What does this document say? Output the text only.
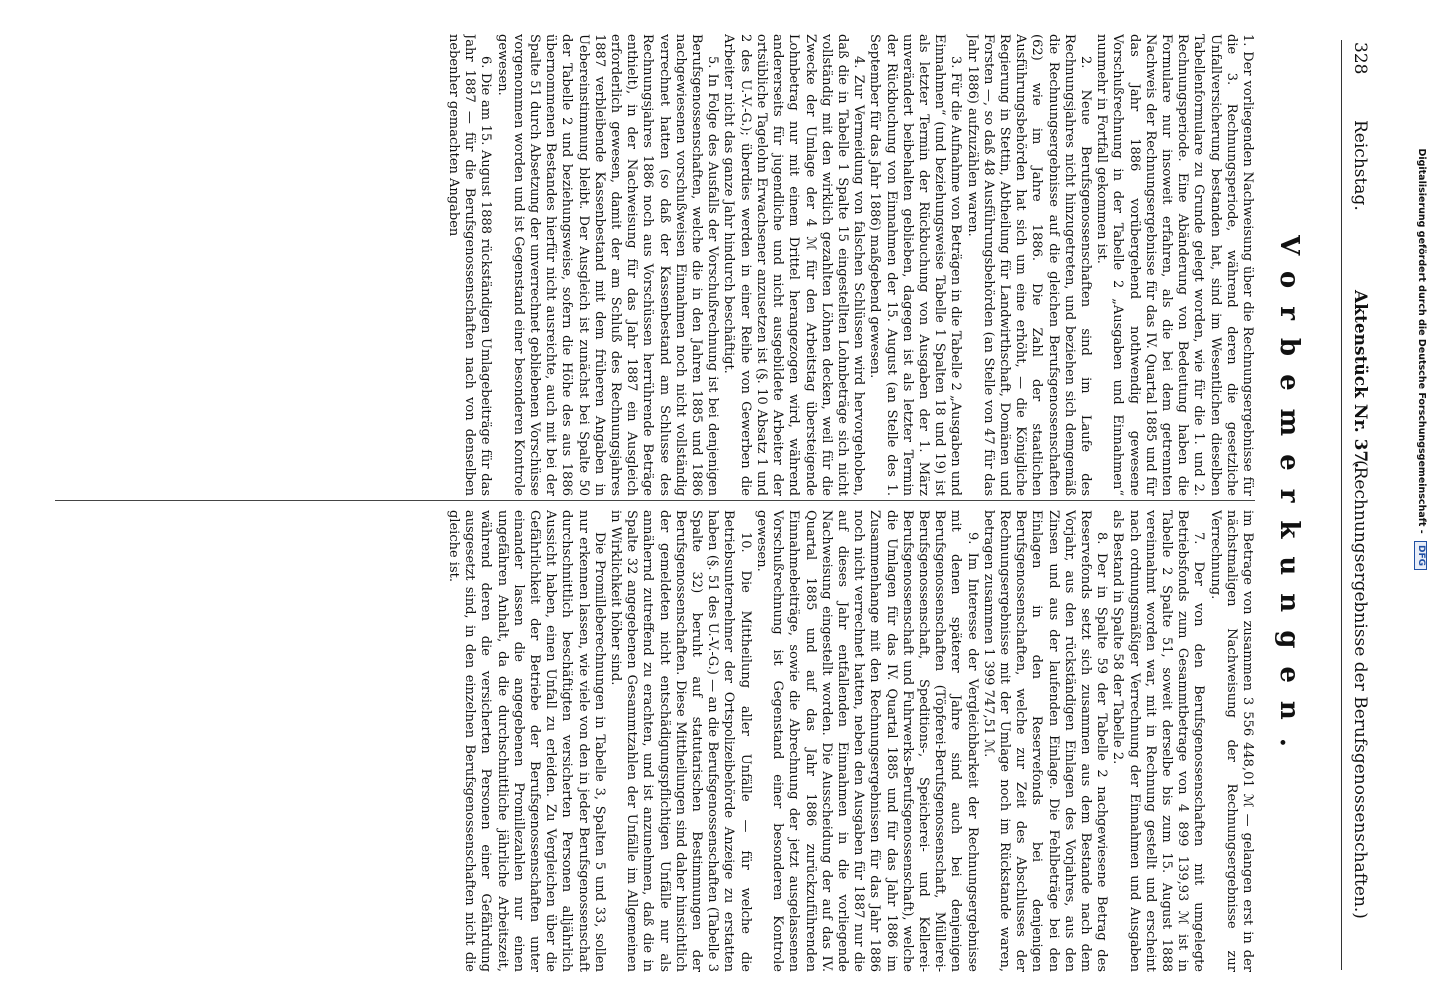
328
Reichstag.
Aktenstück Nr. 37.
(Rechnungsergebnisse der Berufsgenossenschaften.)
Vorbemerkungen.

1. Der vorliegenden Nachweisung über die Rechnungsergebnisse für die 3. Rechnungsperiode, während deren die gesetzliche Unfallversicherung bestanden hat, sind im Wesentlichen dieselben Tabellenformulare zu Grunde gelegt worden, wie für die 1. und 2. Rechnungsperiode. Eine Abänderung von Bedeutung haben die Formulare nur insoweit erfahren, als die bei dem getrennten Nachweis der Rechnungsergebnisse für das IV. Quartal 1885 und für das Jahr 1886 vorübergehend nothwendig gewesene Vorschußrechnung in der Tabelle 2 „Ausgaben und Einnahmen“ nunmehr in Fortfall gekommen ist.

2. Neue Berufsgenossenschaften sind im Laufe des Rechnungsjahres nicht hinzugetreten, und beziehen sich demgemäß die Rechnungsergebnisse auf die gleichen Berufsgenossenschaften (62) wie im Jahre 1886. Die Zahl der staatlichen Ausführungsbehörden hat sich um eine erhöht, — die Königliche Regierung in Stettin, Abtheilung für Landwirthschaft, Domänen und Forsten —, so daß 48 Ausführungsbehörden (an Stelle von 47 für das Jahr 1886) aufzuzählen waren.

3. Für die Aufnahme von Beträgen in die Tabelle 2 „Ausgaben und Einnahmen“ (und beziehungsweise Tabelle 1 Spalten 18 und 19) ist als letzter Termin der Rückbuchung von Ausgaben der 1. März unverändert beibehalten geblieben, dagegen ist als letzter Termin der Rückbuchung von Einnahmen der 15. August (an Stelle des 1. September für das Jahr 1886) maßgebend gewesen.

4. Zur Vermeidung von falschen Schlüssen wird hervorgehoben, daß die in Tabelle 1 Spalte 15 eingestellten Lohnbeträge sich nicht vollständig mit den wirklich gezahlten Löhnen decken, weil für die Zwecke der Umlage der 4 ℳ für den Arbeitstag übersteigende Lohnbetrag nur mit einem Drittel herangezogen wird, während andererseits für jugendliche und nicht ausgebildete Arbeiter der ortsübliche Tagelohn Erwachsener anzusetzen ist (§. 10 Absatz 1 und 2 des U.-V.-G.); überdies werden in einer Reihe von Gewerben die Arbeiter nicht das ganze Jahr hindurch beschäftigt.

5. In Folge des Ausfalls der Vorschußrechnung ist bei denjenigen Berufsgenossenschaften, welche die in den Jahren 1885 und 1886 nachgewiesenen vorschußweisen Einnahmen noch nicht vollständig verrechnet hatten (so daß der Kassenbestand am Schlusse des Rechnungsjahres 1886 noch aus Vorschüssen herrührende Beträge enthielt), in der Nachweisung für das Jahr 1887 ein Ausgleich erforderlich gewesen, damit der am Schluß des Rechnungsjahres 1887 verbleibende Kassenbestand mit dem früheren Angaben in Uebereinstimmung bleibt. Der Ausgleich ist zunächst bei Spalte 50 der Tabelle 2 und beziehungsweise, sofern die Höhe des aus 1886 übernommenen Bestandes hierfür nicht ausreichte, auch mit bei der Spalte 51 durch Absetzung der unverrechnet gebliebenen Vorschüsse vorgenommen worden und ist Gegenstand einer besonderen Kontrole gewesen.

6. Die am 15. August 1888 rückständigen Umlagebeiträge für das Jahr 1887 — für die Berufsgenossenschaften nach von denselben nebenher gemachten Angaben

im Betrage von zusammen 3 556 448,01 ℳ — gelangen erst in der nächstmaligen Nachweisung der Rechnungsergebnisse zur Verrechnung.

7. Der von den Berufsgenossenschaften mit umgelegte Betriebsfonds zum Gesammtbetrage von 4 899 139,93 ℳ ist in Tabelle 2 Spalte 51, soweit derselbe bis zum 15. August 1888 vereinnahmt worden war, mit in Rechnung gestellt und erscheint nach ordnungsmäßiger Verrechnung der Einnahmen und Ausgaben als Bestand in Spalte 58 der Tabelle 2.

8. Der in Spalte 59 der Tabelle 2 nachgewiesene Betrag des Reservefonds setzt sich zusammen aus dem Bestande nach dem Vorjahr, aus den rückständigen Einlagen des Vorjahres, aus den Zinsen und aus der laufenden Einlage. Die Fehlbeträge bei den Einlagen in den Reservefonds bei denjenigen Berufsgenossenschaften, welche zur Zeit des Abschlusses der Rechnungsergebnisse mit der Umlage noch im Rückstande waren, betragen zusammen 1 399 747,51 ℳ.

9. Im Interesse der Vergleichbarkeit der Rechnungsergebnisse mit denen späterer Jahre sind auch bei denjenigen Berufsgenossenschaften (Töpferei-Berufsgenossenschaft, Müllerei-Berufsgenossenschaft, Speditions-, Speicherei- und Kellerei-Berufsgenossenschaft und Fuhrwerks-Berufsgenossenschaft), welche die Umlagen für das IV. Quartal 1885 und für das Jahr 1886 im Zusammenhange mit den Rechnungsergebnissen für das Jahr 1886 noch nicht verrechnet hatten, neben den Ausgaben für 1887 nur die auf dieses Jahr entfallenden Einnahmen in die vorliegende Nachweisung eingestellt worden. Die Ausscheidung der auf das IV. Quartal 1885 und auf das Jahr 1886 zurückzuführenden Einnahmebeiträge, sowie die Abrechnung der jetzt ausgelassenen Vorschußrechnung ist Gegenstand einer besonderen Kontrole gewesen.

10. Die Mittheilung aller Unfälle — für welche die Betriebsunternehmer der Ortspolizeibehörde Anzeige zu erstatten haben (§. 51 des U.-V.-G.) — an die Berufsgenossenschaften (Tabelle 3 Spalte 32) beruht auf statutarischen Bestimmungen der Berufsgenossenschaften. Diese Mittheilungen sind daher hinsichtlich der gemeldeten nicht entschädigungspflichtigen Unfälle nur als annähernd zutreffend zu erachten, und ist anzunehmen, daß die in Spalte 32 angegebenen Gesammtzahlen der Unfälle im Allgemeinen in Wirklichkeit höher sind.

Die Promilleberechnungen in Tabelle 3, Spalten 5 und 33, sollen nur erkennen lassen, wie viele von den in jeder Berufsgenossenschaft durchschnittlich beschäftigten versicherten Personen alljährlich Aussicht haben, einen Unfall zu erleiden. Zu Vergleichen über die Gefährlichkeit der Betriebe der Berufsgenossenschaften unter einander lassen die angegebenen Promillezahlen nur einen ungefähren Anhalt, da die durchschnittliche jährliche Arbeitszeit, während deren die versicherten Personen einer Gefährdung ausgesetzt sind, in den einzelnen Berufsgenossenschaften nicht die gleiche ist.

Digitalisierung gefördert durch die Deutsche Forschungsgemeinschaft - DFG
